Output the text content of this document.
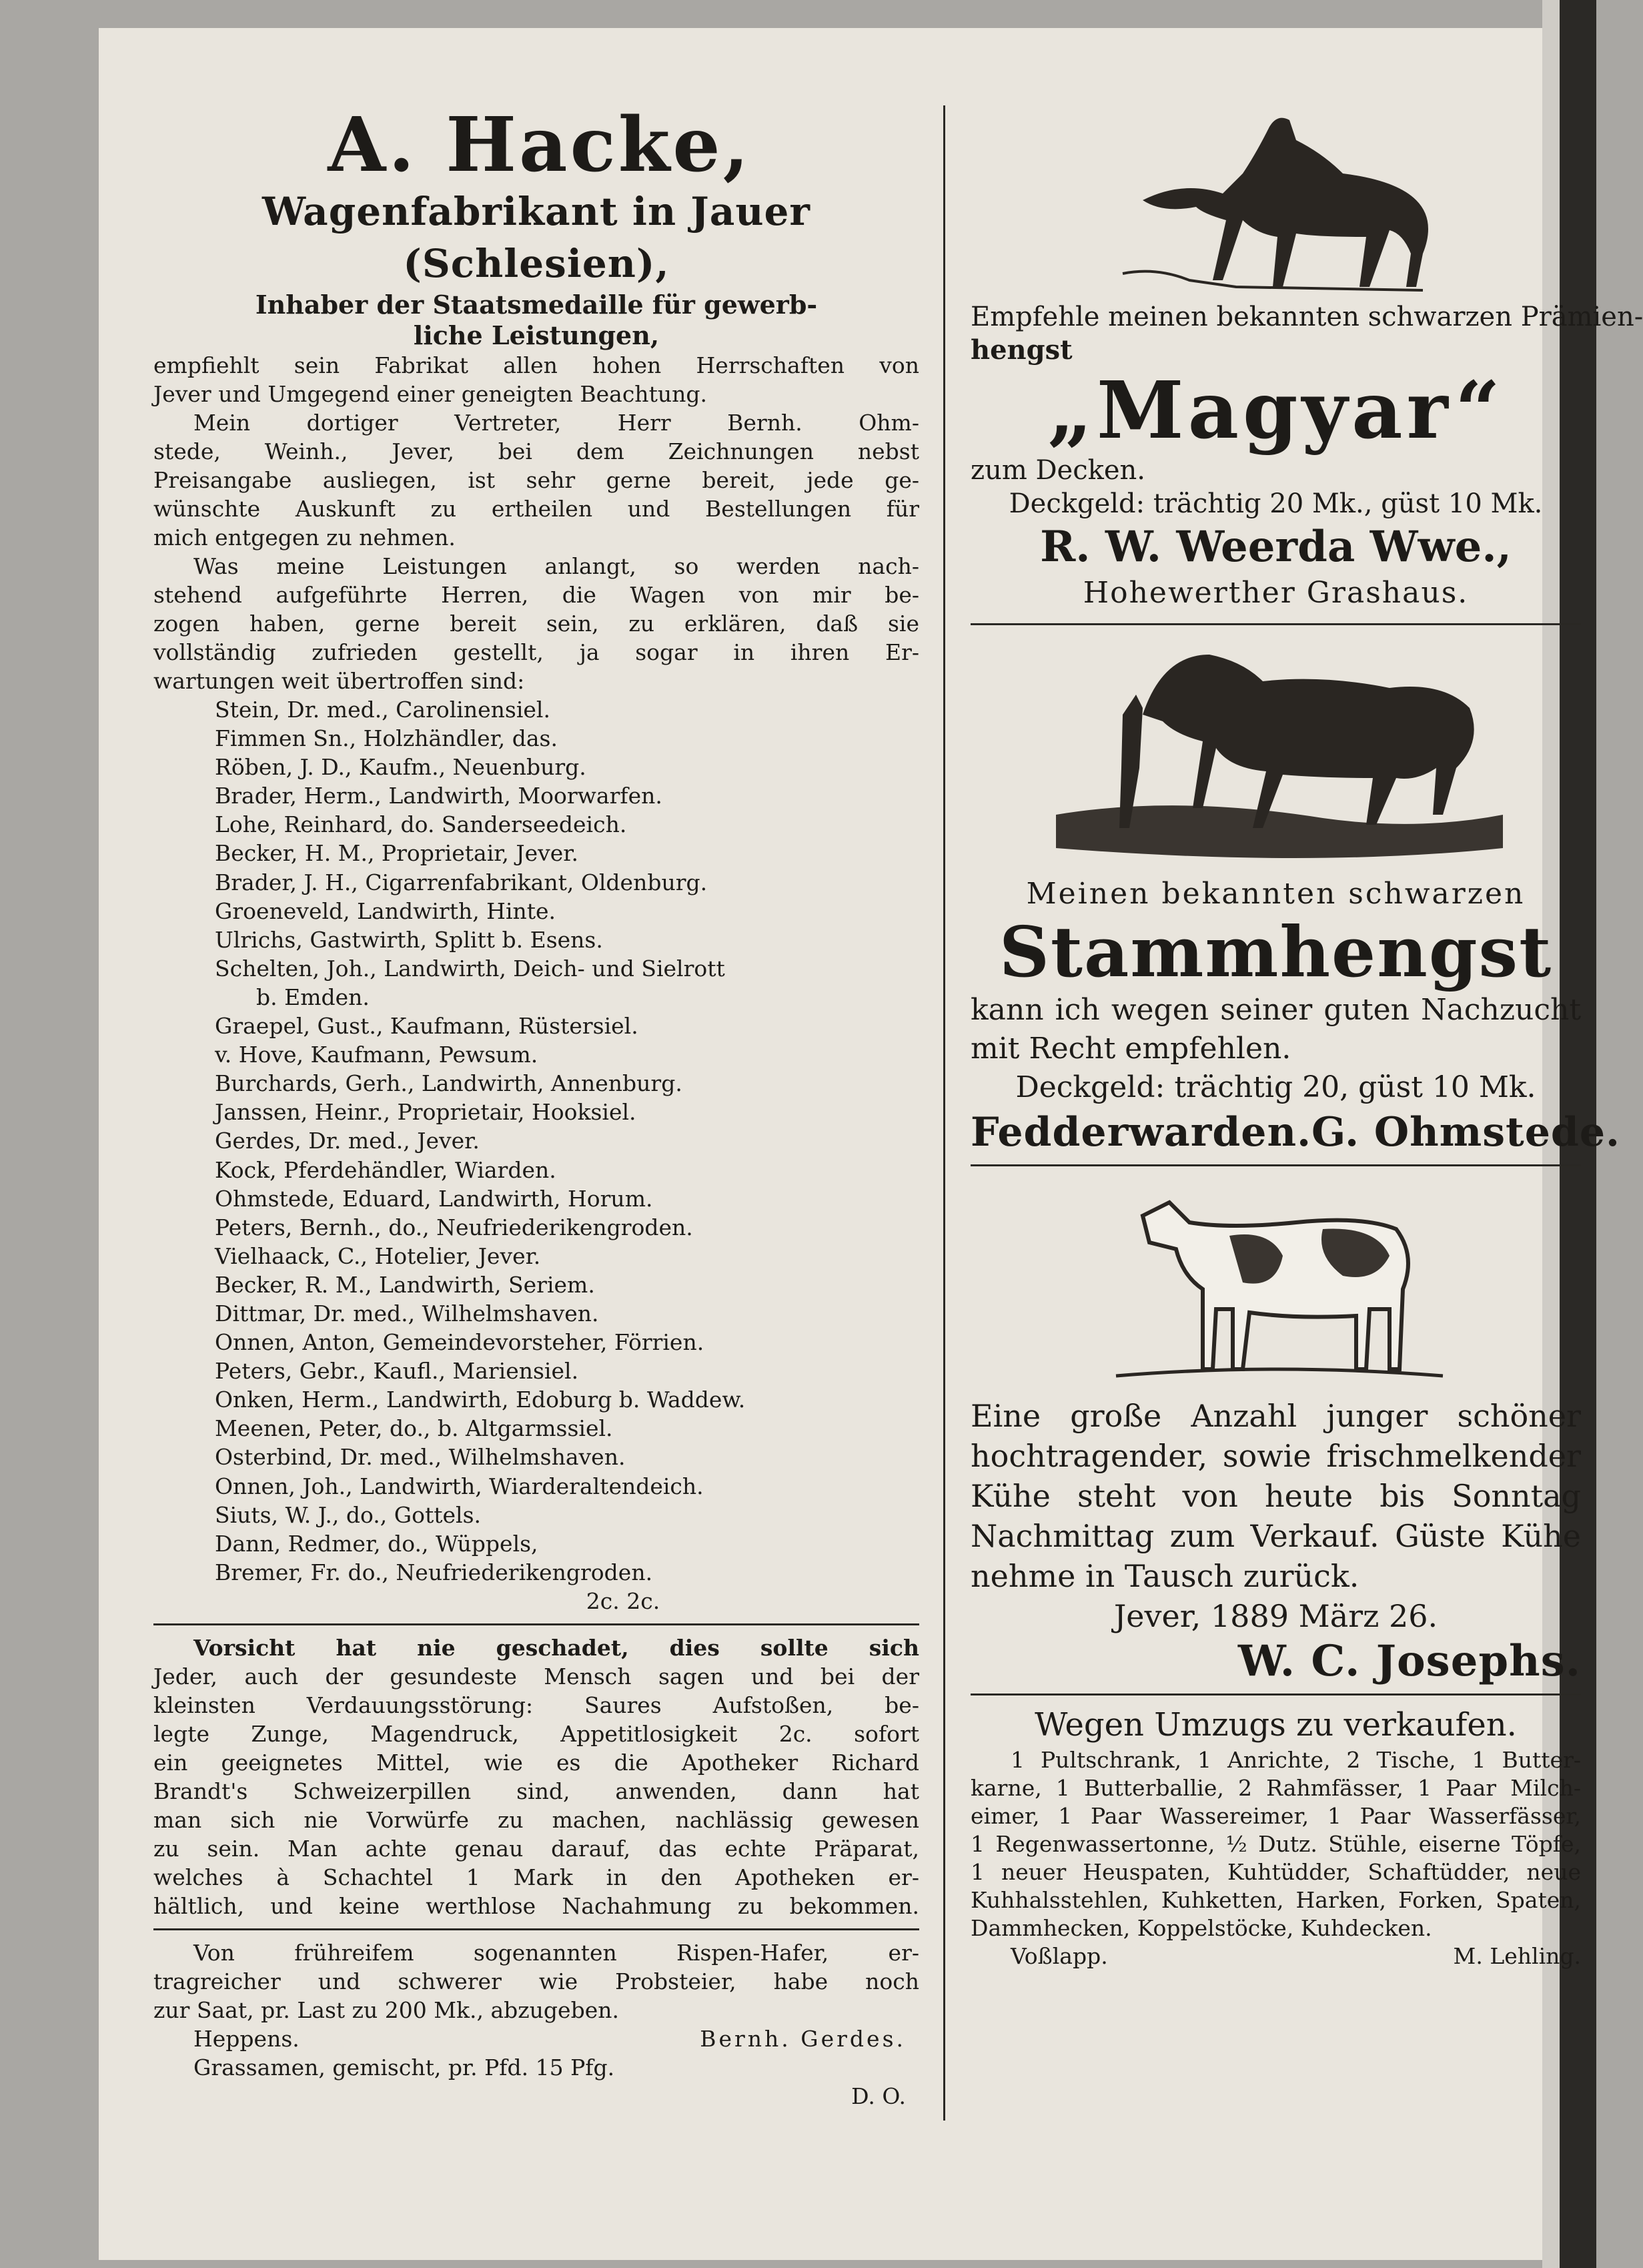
A. Hacke,
Wagenfabrikant in Jauer (Schlesien),
Inhaber der Staatsmedaille für gewerb-
liche Leistungen,
empfiehlt sein Fabrikat allen hohen Herrschaften von
Jever und Umgegend einer geneigten Beachtung.
Mein dortiger Vertreter, Herr Bernh. Ohm-
stede, Weinh., Jever, bei dem Zeichnungen nebst
Preisangabe ausliegen, ist sehr gerne bereit, jede ge-
wünschte Auskunft zu ertheilen und Bestellungen für
mich entgegen zu nehmen.
Was meine Leistungen anlangt, so werden nach-
stehend aufgeführte Herren, die Wagen von mir be-
zogen haben, gerne bereit sein, zu erklären, daß sie
vollständig zufrieden gestellt, ja sogar in ihren Er-
wartungen weit übertroffen sind:
Stein, Dr. med., Carolinensiel.
Fimmen Sn., Holzhändler, das.
Röben, J. D., Kaufm., Neuenburg.
Brader, Herm., Landwirth, Moorwarfen.
Lohe, Reinhard, do. Sanderseedeich.
Becker, H. M., Proprietair, Jever.
Brader, J. H., Cigarrenfabrikant, Oldenburg.
Groeneveld, Landwirth, Hinte.
Ulrichs, Gastwirth, Splitt b. Esens.
Schelten, Joh., Landwirth, Deich- und Sielrott
b. Emden.
Graepel, Gust., Kaufmann, Rüstersiel.
v. Hove, Kaufmann, Pewsum.
Burchards, Gerh., Landwirth, Annenburg.
Janssen, Heinr., Proprietair, Hooksiel.
Gerdes, Dr. med., Jever.
Kock, Pferdehändler, Wiarden.
Ohmstede, Eduard, Landwirth, Horum.
Peters, Bernh., do., Neufriederikengroden.
Vielhaack, C., Hotelier, Jever.
Becker, R. M., Landwirth, Seriem.
Dittmar, Dr. med., Wilhelmshaven.
Onnen, Anton, Gemeindevorsteher, Förrien.
Peters, Gebr., Kaufl., Mariensiel.
Onken, Herm., Landwirth, Edoburg b. Waddew.
Meenen, Peter, do., b. Altgarmssiel.
Osterbind, Dr. med., Wilhelmshaven.
Onnen, Joh., Landwirth, Wiarderaltendeich.
Siuts, W. J., do., Gottels.
Dann, Redmer, do., Wüppels,
Bremer, Fr. do., Neufriederikengroden.
2c. 2c.
Vorsicht hat nie geschadet, dies sollte sich
Jeder, auch der gesundeste Mensch sagen und bei der
kleinsten Verdauungsstörung: Saures Aufstoßen, be-
legte Zunge, Magendruck, Appetitlosigkeit 2c. sofort
ein geeignetes Mittel, wie es die Apotheker Richard
Brandt's Schweizerpillen sind, anwenden, dann hat
man sich nie Vorwürfe zu machen, nachlässig gewesen
zu sein. Man achte genau darauf, das echte Präparat,
welches à Schachtel 1 Mark in den Apotheken er-
hältlich, und keine werthlose Nachahmung zu bekommen.
Von frühreifem sogenannten Rispen-Hafer, er-
tragreicher und schwerer wie Probsteier, habe noch
zur Saat, pr. Last zu 200 Mk., abzugeben.
Heppens.	Bernh. Gerdes.
Grassamen, gemischt, pr. Pfd. 15 Pfg.
D. O.
Empfehle meinen bekannten schwarzen Prämien-
hengst
„Magyar“
zum Decken.
Deckgeld: trächtig 20 Mk., güst 10 Mk.
R. W. Weerda Wwe.,
Hohewerther Grashaus.
Meinen bekannten schwarzen
Stammhengst
kann ich wegen seiner guten Nachzucht
mit Recht empfehlen.
Deckgeld: trächtig 20, güst 10 Mk.
Fedderwarden. G. Ohmstede.
Eine große Anzahl junger schöner
hochtragender, sowie frischmelkender
Kühe steht von heute bis Sonntag
Nachmittag zum Verkauf. Güste Kühe
nehme in Tausch zurück.
Jever, 1889 März 26.
W. C. Josephs.
Wegen Umzugs zu verkaufen.
1 Pultschrank, 1 Anrichte, 2 Tische, 1 Butter-
karne, 1 Butterballie, 2 Rahmfässer, 1 Paar Milch-
eimer, 1 Paar Wassereimer, 1 Paar Wasserfässer,
1 Regenwassertonne, ½ Dutz. Stühle, eiserne Töpfe,
1 neuer Heuspaten, Kuhtüdder, Schaftüdder, neue
Kuhhalsstehlen, Kuhketten, Harken, Forken, Spaten,
Dammhecken, Koppelstöcke, Kuhdecken.
Voßlapp.	M. Lehling.
